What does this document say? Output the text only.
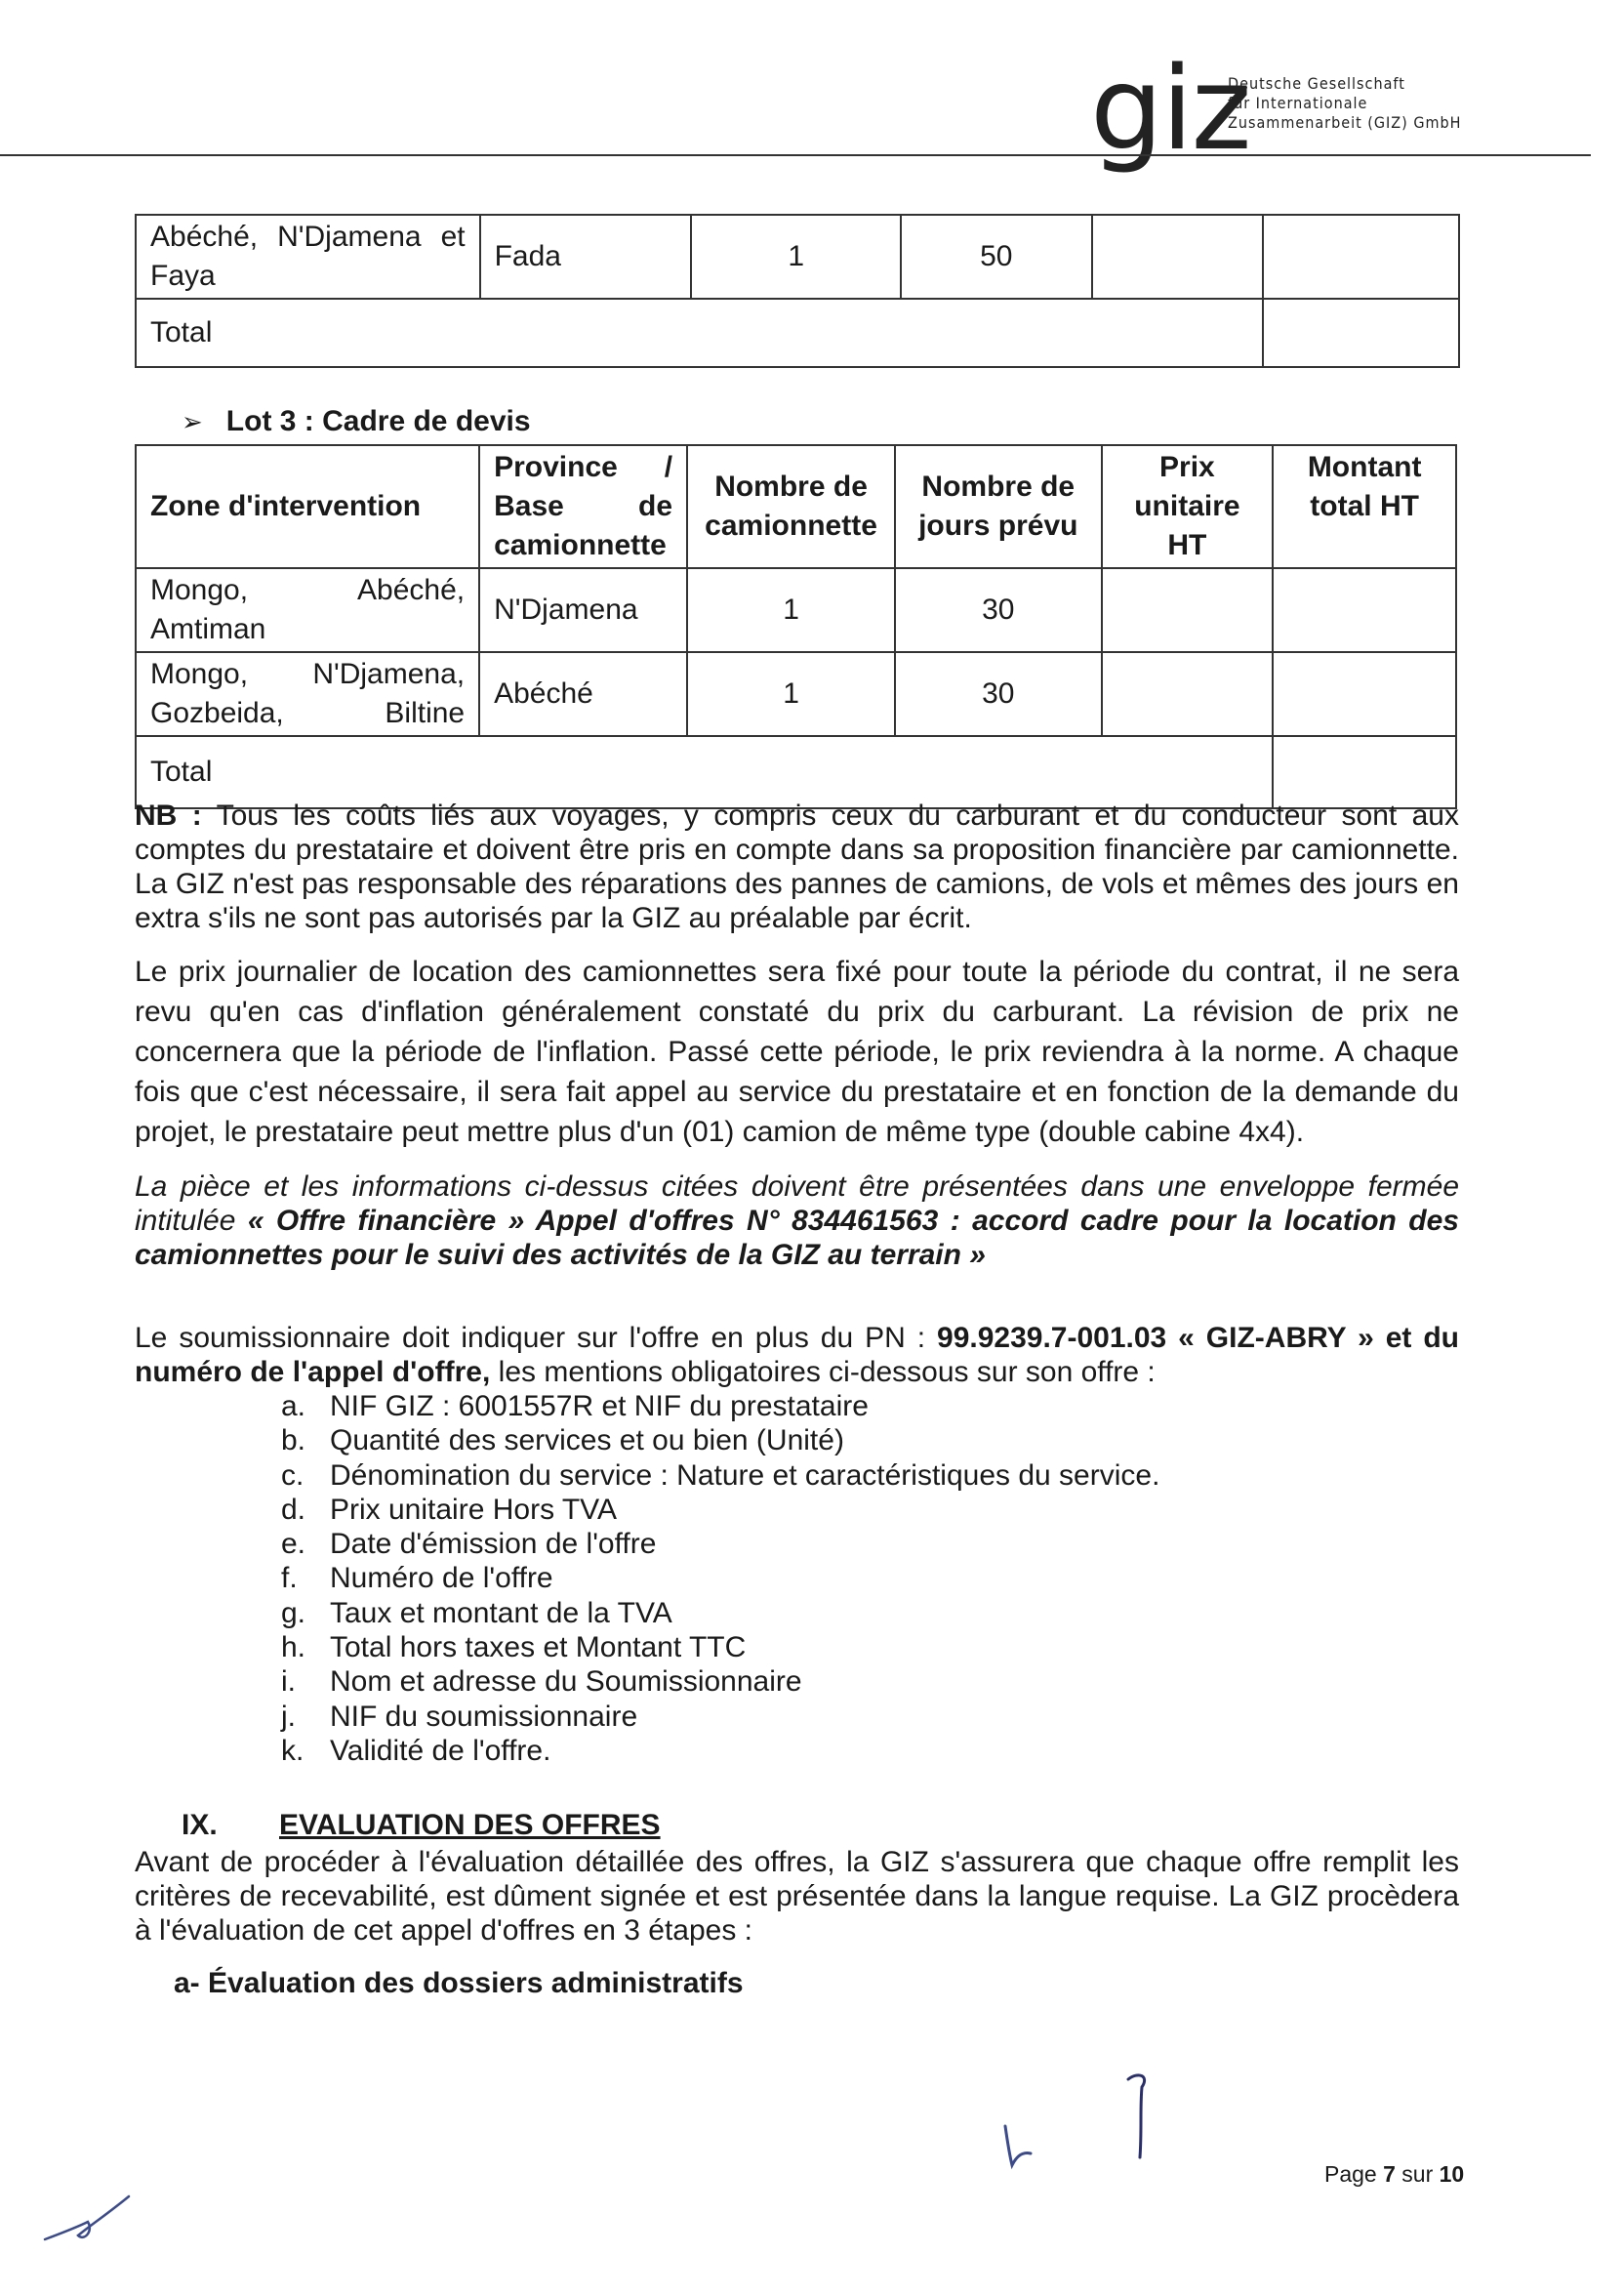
giz
Deutsche Gesellschaft
für Internationale
Zusammenarbeit (GIZ) GmbH
Abéché, N'Djamena et Faya	Fada	1	50		
Total					
➢ Lot 3 : Cadre de devis
Zone d'intervention	Province / Base de camionnette	Nombre de camionnette	Nombre de jours prévu	Prix unitaire HT	Montant total HT
Mongo, Abéché, Amtiman	N'Djamena	1	30		
Mongo, N'Djamena, Gozbeida, Biltine	Abéché	1	30		
Total					
NB : Tous les coûts liés aux voyages, y compris ceux du carburant et du conducteur sont aux comptes du prestataire et doivent être pris en compte dans sa proposition financière par camionnette. La GIZ n'est pas responsable des réparations des pannes de camions, de vols et mêmes des jours en extra s'ils ne sont pas autorisés par la GIZ au préalable par écrit.
Le prix journalier de location des camionnettes sera fixé pour toute la période du contrat, il ne sera revu qu'en cas d'inflation généralement constaté du prix du carburant. La révision de prix ne concernera que la période de l'inflation. Passé cette période, le prix reviendra à la norme. A chaque fois que c'est nécessaire, il sera fait appel au service du prestataire et en fonction de la demande du projet, le prestataire peut mettre plus d'un (01) camion de même type (double cabine 4x4).
La pièce et les informations ci-dessus citées doivent être présentées dans une enveloppe fermée intitulée « Offre financière » Appel d'offres N° 834461563 : accord cadre pour la location des camionnettes pour le suivi des activités de la GIZ au terrain »
Le soumissionnaire doit indiquer sur l'offre en plus du PN : 99.9239.7-001.03 « GIZ-ABRY » et du numéro de l'appel d'offre, les mentions obligatoires ci-dessous sur son offre :
a. NIF GIZ : 6001557R et NIF du prestataire
b. Quantité des services et ou bien (Unité)
c. Dénomination du service : Nature et caractéristiques du service.
d. Prix unitaire Hors TVA
e. Date d'émission de l'offre
f. Numéro de l'offre
g. Taux et montant de la TVA
h. Total hors taxes et Montant TTC
i. Nom et adresse du Soumissionnaire
j. NIF du soumissionnaire
k. Validité de l'offre.
IX. EVALUATION DES OFFRES
Avant de procéder à l'évaluation détaillée des offres, la GIZ s'assurera que chaque offre remplit les critères de recevabilité, est dûment signée et est présentée dans la langue requise. La GIZ procèdera à l'évaluation de cet appel d'offres en 3 étapes :
a- Évaluation des dossiers administratifs
Page 7 sur 10
